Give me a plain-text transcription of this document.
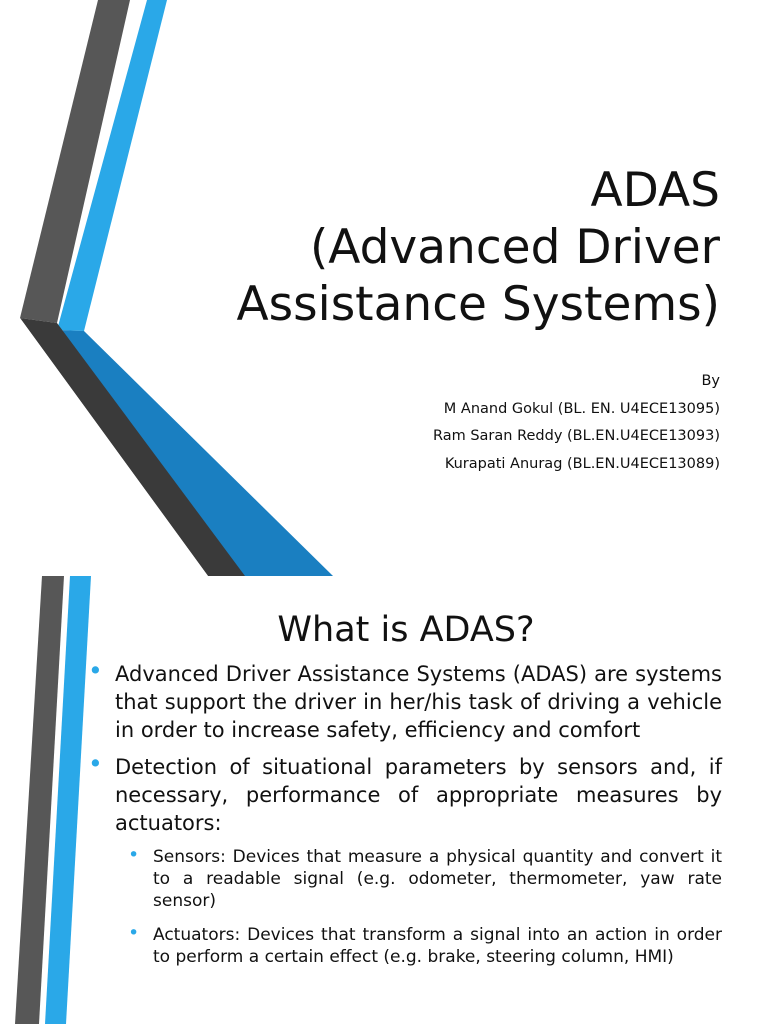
ADAS
(Advanced Driver
Assistance Systems)
By
M Anand Gokul (BL. EN. U4ECE13095)
Ram Saran Reddy (BL.EN.U4ECE13093)
Kurapati Anurag (BL.EN.U4ECE13089)
What is ADAS?
• Advanced Driver Assistance Systems (ADAS) are systems that support the driver in her/his task of driving a vehicle in order to increase safety, efficiency and comfort
• Detection of situational parameters by sensors and, if necessary, performance of appropriate measures by actuators:
• Sensors: Devices that measure a physical quantity and convert it to a readable signal (e.g. odometer, thermometer, yaw rate sensor)
• Actuators: Devices that transform a signal into an action in order to perform a certain effect (e.g. brake, steering column, HMI)
